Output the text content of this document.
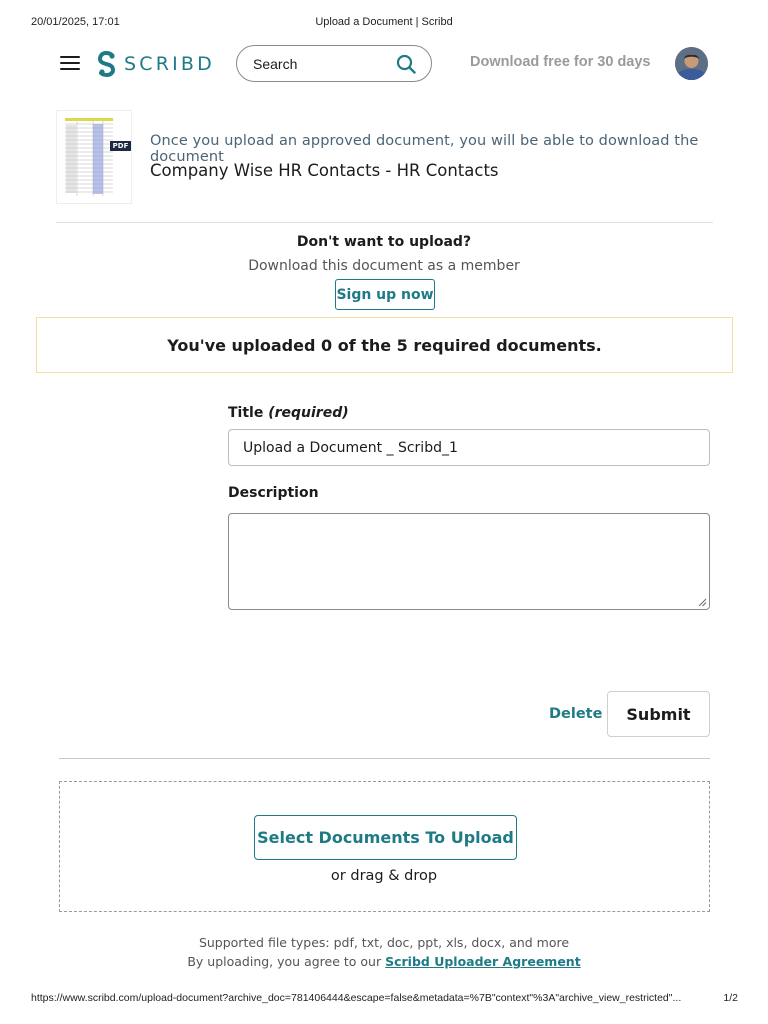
20/01/2025, 17:01	Upload a Document | Scribd
SCRIBD	Search	Download free for 30 days
PDF Once you upload an approved document, you will be able to download the document
Company Wise HR Contacts - HR Contacts
Don't want to upload?
Download this document as a member
Sign up now
You've uploaded 0 of the 5 required documents.
Title (required)
Upload a Document _ Scribd_1
Description
Delete	Submit
Select Documents To Upload
or drag & drop
Supported file types: pdf, txt, doc, ppt, xls, docx, and more
By uploading, you agree to our Scribd Uploader Agreement
https://www.scribd.com/upload-document?archive_doc=781406444&escape=false&metadata=%7B"context"%3A"archive_view_restricted"...	1/2
